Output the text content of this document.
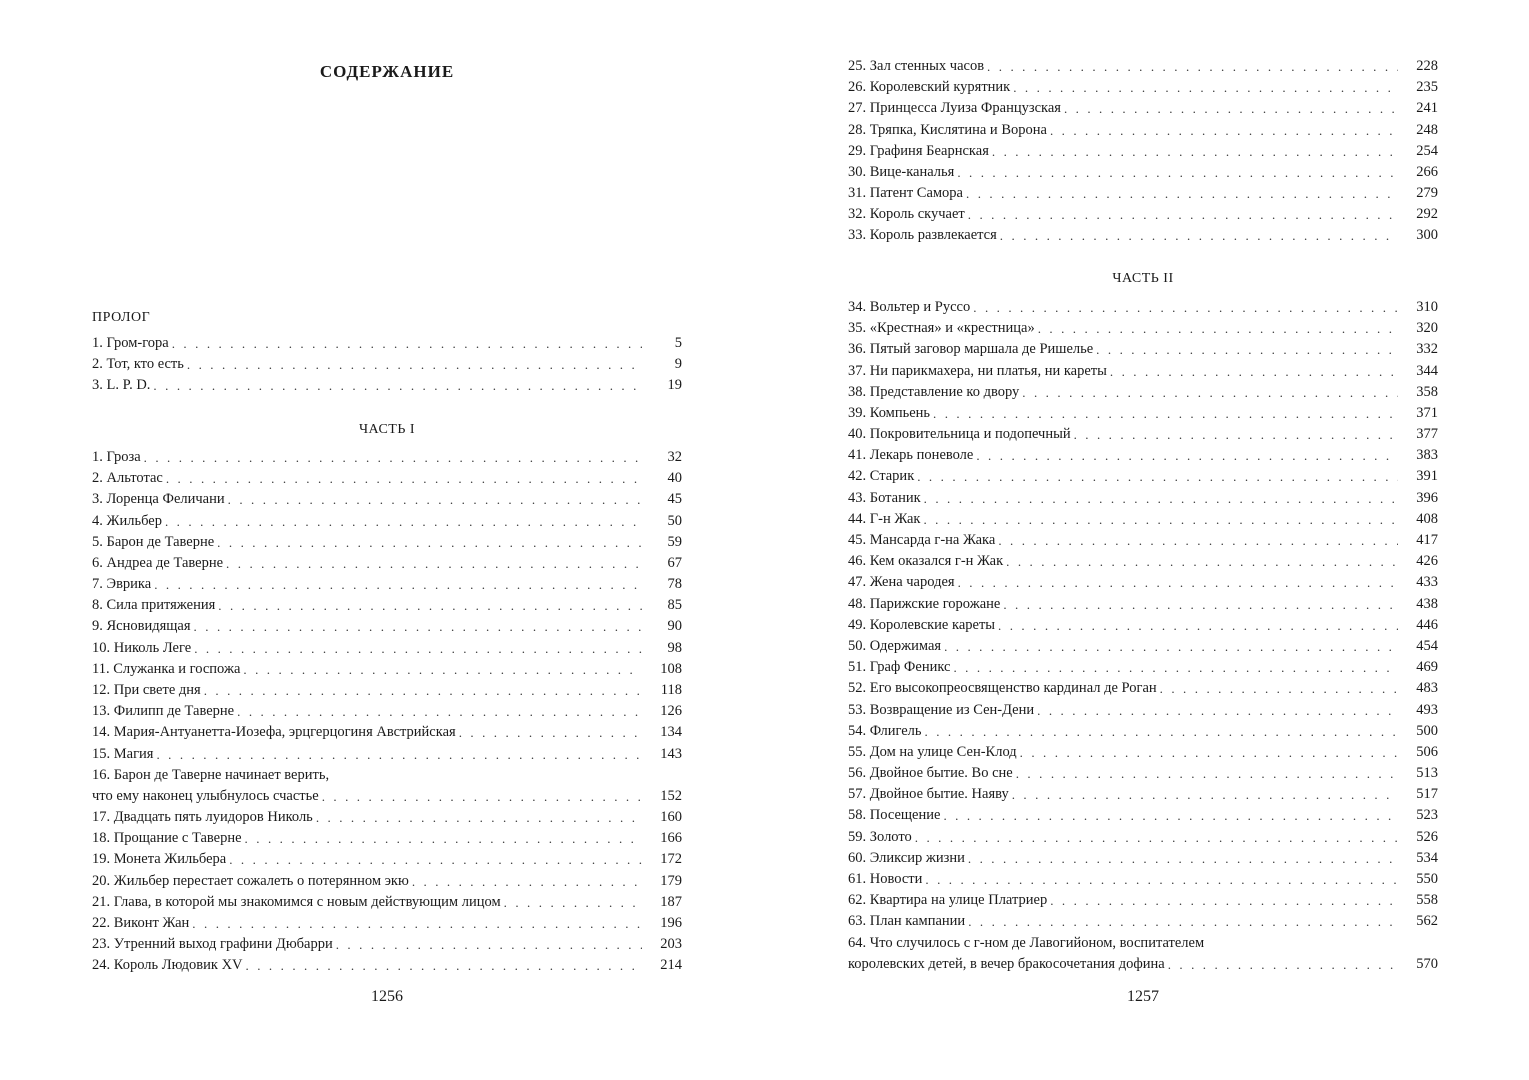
СОДЕРЖАНИЕ
ПРОЛОГ
1. Гром-гора . . .	5
2. Тот, кто есть . . .	9
3. L. P. D. . . .	19
ЧАСТЬ I
1. Гроза . . .	32
2. Альтотас . . .	40
3. Лоренца Феличани . . .	45
4. Жильбер . . .	50
5. Барон де Таверне . . .	59
6. Андреа де Таверне . . .	67
7. Эврика . . .	78
8. Сила притяжения . . .	85
9. Ясновидящая . . .	90
10. Николь Леге . . .	98
11. Служанка и госпожа . . .	108
12. При свете дня . . .	118
13. Филипп де Таверне . . .	126
14. Мария-Антуанетта-Иозефа, эрцгерцогиня Австрийская . . .	134
15. Магия . . .	143
16. Барон де Таверне начинает верить,
что ему наконец улыбнулось счастье . . .	152
17. Двадцать пять луидоров Николь . . .	160
18. Прощание с Таверне . . .	166
19. Монета Жильбера . . .	172
20. Жильбер перестает сожалеть о потерянном экю . . .	179
21. Глава, в которой мы знакомимся с новым действующим лицом . . .	187
22. Виконт Жан . . .	196
23. Утренний выход графини Дюбарри . . .	203
24. Король Людовик XV . . .	214
1256
25. Зал стенных часов . . .	228
26. Королевский курятник . . .	235
27. Принцесса Луиза Французская . . .	241
28. Тряпка, Кислятина и Ворона . . .	248
29. Графиня Беарнская . . .	254
30. Вице-каналья . . .	266
31. Патент Самора . . .	279
32. Король скучает . . .	292
33. Король развлекается . . .	300
ЧАСТЬ II
34. Вольтер и Руссо . . .	310
35. «Крестная» и «крестница» . . .	320
36. Пятый заговор маршала де Ришелье . . .	332
37. Ни парикмахера, ни платья, ни кареты . . .	344
38. Представление ко двору . . .	358
39. Компьень . . .	371
40. Покровительница и подопечный . . .	377
41. Лекарь поневоле . . .	383
42. Старик . . .	391
43. Ботаник . . .	396
44. Г-н Жак . . .	408
45. Мансарда г-на Жака . . .	417
46. Кем оказался г-н Жак . . .	426
47. Жена чародея . . .	433
48. Парижские горожане . . .	438
49. Королевские кареты . . .	446
50. Одержимая . . .	454
51. Граф Феникс . . .	469
52. Его высокопреосвященство кардинал де Роган . . .	483
53. Возвращение из Сен-Дени . . .	493
54. Флигель . . .	500
55. Дом на улице Сен-Клод . . .	506
56. Двойное бытие. Во сне . . .	513
57. Двойное бытие. Наяву . . .	517
58. Посещение . . .	523
59. Золото . . .	526
60. Эликсир жизни . . .	534
61. Новости . . .	550
62. Квартира на улице Платриер . . .	558
63. План кампании . . .	562
64. Что случилось с г-ном де Лавогийоном, воспитателем
королевских детей, в вечер бракосочетания дофина . . .	570
1257
